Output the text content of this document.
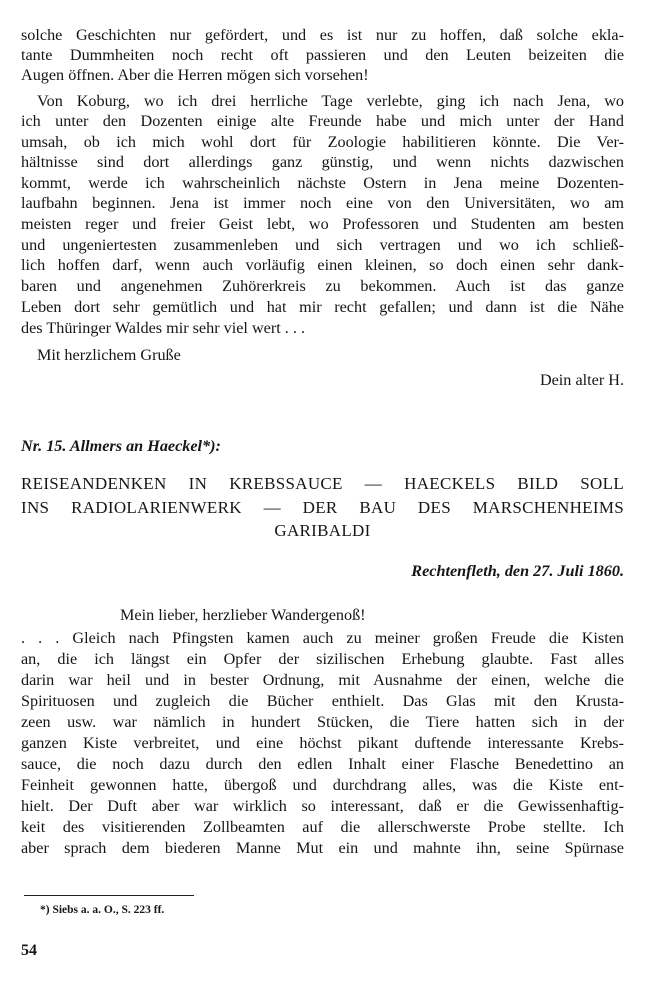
solche Geschichten nur gefördert, und es ist nur zu hoffen, daß solche ekla-
tante Dummheiten noch recht oft passieren und den Leuten beizeiten die
Augen öffnen. Aber die Herren mögen sich vorsehen!
Von Koburg, wo ich drei herrliche Tage verlebte, ging ich nach Jena, wo
ich unter den Dozenten einige alte Freunde habe und mich unter der Hand
umsah, ob ich mich wohl dort für Zoologie habilitieren könnte. Die Ver-
hältnisse sind dort allerdings ganz günstig, und wenn nichts dazwischen
kommt, werde ich wahrscheinlich nächste Ostern in Jena meine Dozenten-
laufbahn beginnen. Jena ist immer noch eine von den Universitäten, wo am
meisten reger und freier Geist lebt, wo Professoren und Studenten am besten
und ungeniertesten zusammenleben und sich vertragen und wo ich schließ-
lich hoffen darf, wenn auch vorläufig einen kleinen, so doch einen sehr dank-
baren und angenehmen Zuhörerkreis zu bekommen. Auch ist das ganze
Leben dort sehr gemütlich und hat mir recht gefallen; und dann ist die Nähe
des Thüringer Waldes mir sehr viel wert . . .
Mit herzlichem Gruße
Dein alter H.
Nr. 15. Allmers an Haeckel*):
REISEANDENKEN IN KREBSSAUCE — HAECKELS BILD SOLL
INS RADIOLARIENWERK — DER BAU DES MARSCHENHEIMS
GARIBALDI
Rechtenfleth, den 27. Juli 1860.
Mein lieber, herzlieber Wandergenoß!
. . . Gleich nach Pfingsten kamen auch zu meiner großen Freude die Kisten
an, die ich längst ein Opfer der sizilischen Erhebung glaubte. Fast alles
darin war heil und in bester Ordnung, mit Ausnahme der einen, welche die
Spirituosen und zugleich die Bücher enthielt. Das Glas mit den Krusta-
zeen usw. war nämlich in hundert Stücken, die Tiere hatten sich in der
ganzen Kiste verbreitet, und eine höchst pikant duftende interessante Krebs-
sauce, die noch dazu durch den edlen Inhalt einer Flasche Benedettino an
Feinheit gewonnen hatte, übergoß und durchdrang alles, was die Kiste ent-
hielt. Der Duft aber war wirklich so interessant, daß er die Gewissenhaftig-
keit des visitierenden Zollbeamten auf die allerschwerste Probe stellte. Ich
aber sprach dem biederen Manne Mut ein und mahnte ihn, seine Spürnase
*) Siebs a. a. O., S. 223 ff.
54
